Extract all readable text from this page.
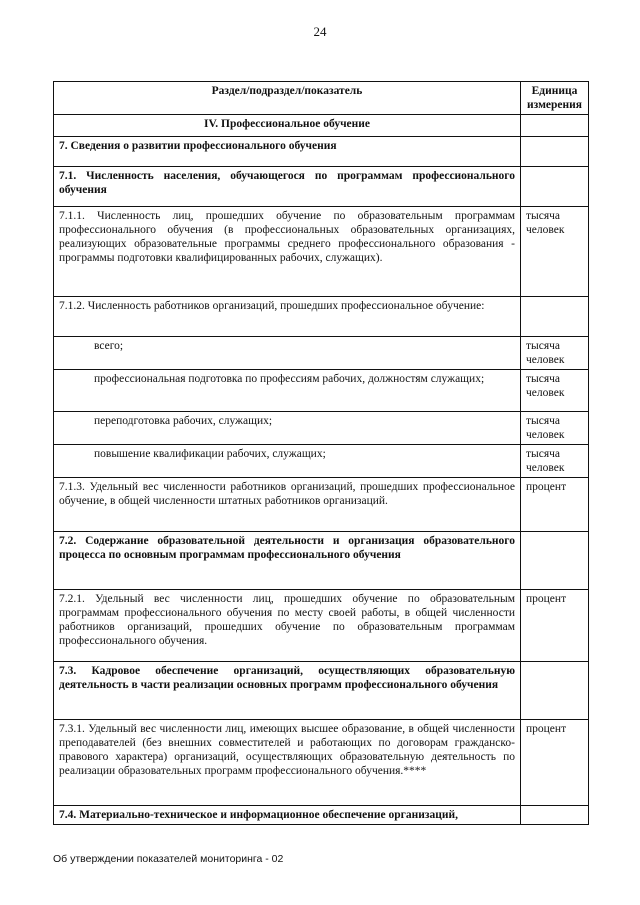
24
Раздел/подраздел/показатель	Единица измерения
IV. Профессиональное обучение	
7. Сведения о развитии профессионального обучения	
7.1. Численность населения, обучающегося по программам профессионального обучения	
7.1.1. Численность лиц, прошедших обучение по образовательным программам профессионального обучения (в профессиональных образовательных организациях, реализующих образовательные программы среднего профессионального образования - программы подготовки квалифицированных рабочих, служащих).	тысяча человек
7.1.2. Численность работников организаций, прошедших профессиональное обучение:	
всего;	тысяча человек
профессиональная подготовка по профессиям рабочих, должностям служащих;	тысяча человек
переподготовка рабочих, служащих;	тысяча человек
повышение квалификации рабочих, служащих;	тысяча человек
7.1.3. Удельный вес численности работников организаций, прошедших профессиональное обучение, в общей численности штатных работников организаций.	процент
7.2. Содержание образовательной деятельности и организация образовательного процесса по основным программам профессионального обучения	
7.2.1. Удельный вес численности лиц, прошедших обучение по образовательным программам профессионального обучения по месту своей работы, в общей численности работников организаций, прошедших обучение по образовательным программам профессионального обучения.	процент
7.3. Кадровое обеспечение организаций, осуществляющих образовательную деятельность в части реализации основных программ профессионального обучения	
7.3.1. Удельный вес численности лиц, имеющих высшее образование, в общей численности преподавателей (без внешних совместителей и работающих по договорам гражданско-правового характера) организаций, осуществляющих образовательную деятельность по реализации образовательных программ профессионального обучения.****	процент
7.4. Материально-техническое и информационное обеспечение организаций,	
Об утверждении показателей мониторинга - 02
